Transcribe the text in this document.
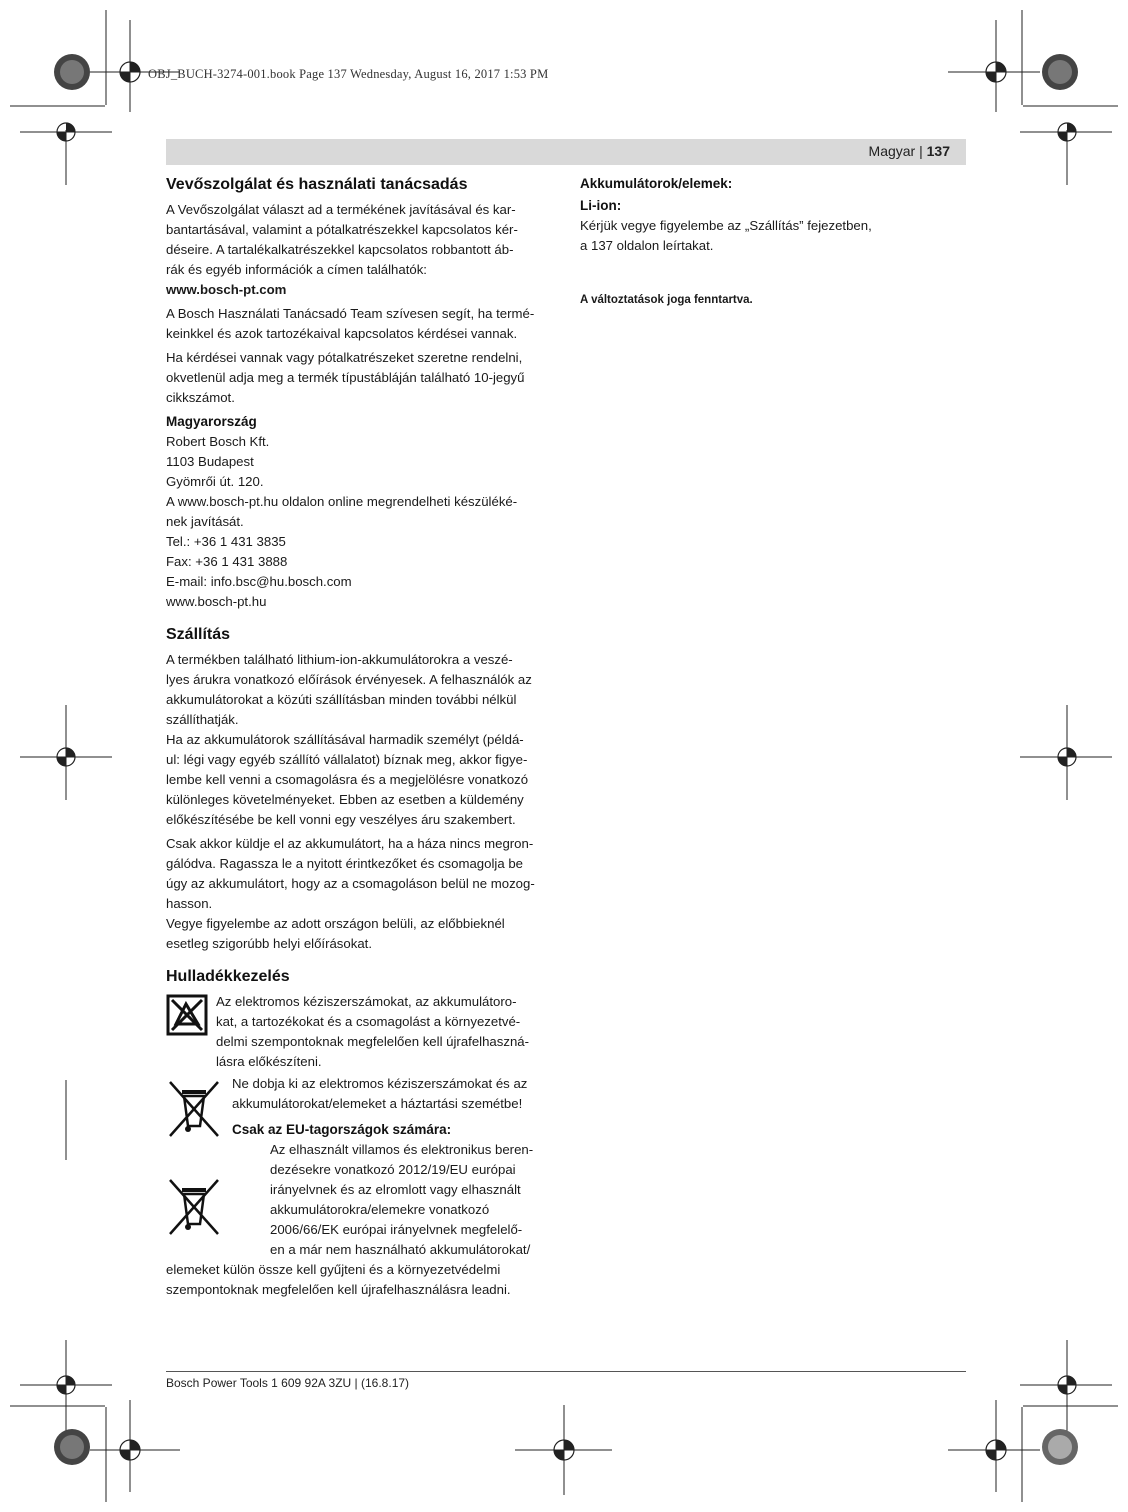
OBJ_BUCH-3274-001.book Page 137 Wednesday, August 16, 2017 1:53 PM
Magyar | 137
Vevőszolgálat és használati tanácsadás

A Vevőszolgálat választ ad a termékének javításával és kar-
bantartásával, valamint a pótalkatrészekkel kapcsolatos kér-
déseire. A tartalékalkatrészekkel kapcsolatos robbantott áb-
rák és egyéb információk a címen találhatók:
www.bosch-pt.com

A Bosch Használati Tanácsadó Team szívesen segít, ha termé-
keinkkel és azok tartozékaival kapcsolatos kérdései vannak.

Ha kérdései vannak vagy pótalkatrészeket szeretne rendelni,
okvetlenül adja meg a termék típustábláján található 10-jegyű
cikkszámot.

Magyarország

Robert Bosch Kft.
1103 Budapest
Gyömrői út. 120.
A www.bosch-pt.hu oldalon online megrendelheti készüléké-
nek javítását.
Tel.: +36 1 431 3835
Fax: +36 1 431 3888
E-mail: info.bsc@hu.bosch.com
www.bosch-pt.hu

Szállítás

A termékben található lithium-ion-akkumulátorokra a veszé-
lyes árukra vonatkozó előírások érvényesek. A felhasználók az
akkumulátorokat a közúti szállításban minden további nélkül
szállíthatják.
Ha az akkumulátorok szállításával harmadik személyt (példá-
ul: légi vagy egyéb szállító vállalatot) bíznak meg, akkor figye-
lembe kell venni a csomagolásra és a megjelölésre vonatkozó
különleges követelményeket. Ebben az esetben a küldemény
előkészítésébe be kell vonni egy veszélyes áru szakembert.

Csak akkor küldje el az akkumulátort, ha a háza nincs megron-
gálódva. Ragassza le a nyitott érintkezőket és csomagolja be
úgy az akkumulátort, hogy az a csomagoláson belül ne mozog-
hasson.
Vegye figyelembe az adott országon belüli, az előbbieknél
esetleg szigorúbb helyi előírásokat.

Hulladékkezelés

Az elektromos kéziszerszámokat, az akkumulátoro-
kat, a tartozékokat és a csomagolást a környezetvé-
delmi szempontoknak megfelelően kell újrafelhaszná-
lásra előkészíteni.

Ne dobja ki az elektromos kéziszerszámokat és az
akkumulátorokat/elemeket a háztartási szemétbe!

Csak az EU-tagországok számára:

Az elhasznált villamos és elektronikus beren-
dezésekre vonatkozó 2012/19/EU európai
irányelvnek és az elromlott vagy elhasznált
akkumulátorokra/elemekre vonatkozó
2006/66/EK európai irányelvnek megfelelő-
en a már nem használható akkumulátorokat/

elemeket külön össze kell gyűjteni és a környezetvédelmi
szempontoknak megfelelően kell újrafelhasználásra leadni.

Akkumulátorok/elemek:
Li-ion:

Kérjük vegye figyelembe az „Szállítás” fejezetben,
a 137 oldalon leírtakat.

A változtatások joga fenntartva.
Bosch Power Tools 1 609 92A 3ZU | (16.8.17)
